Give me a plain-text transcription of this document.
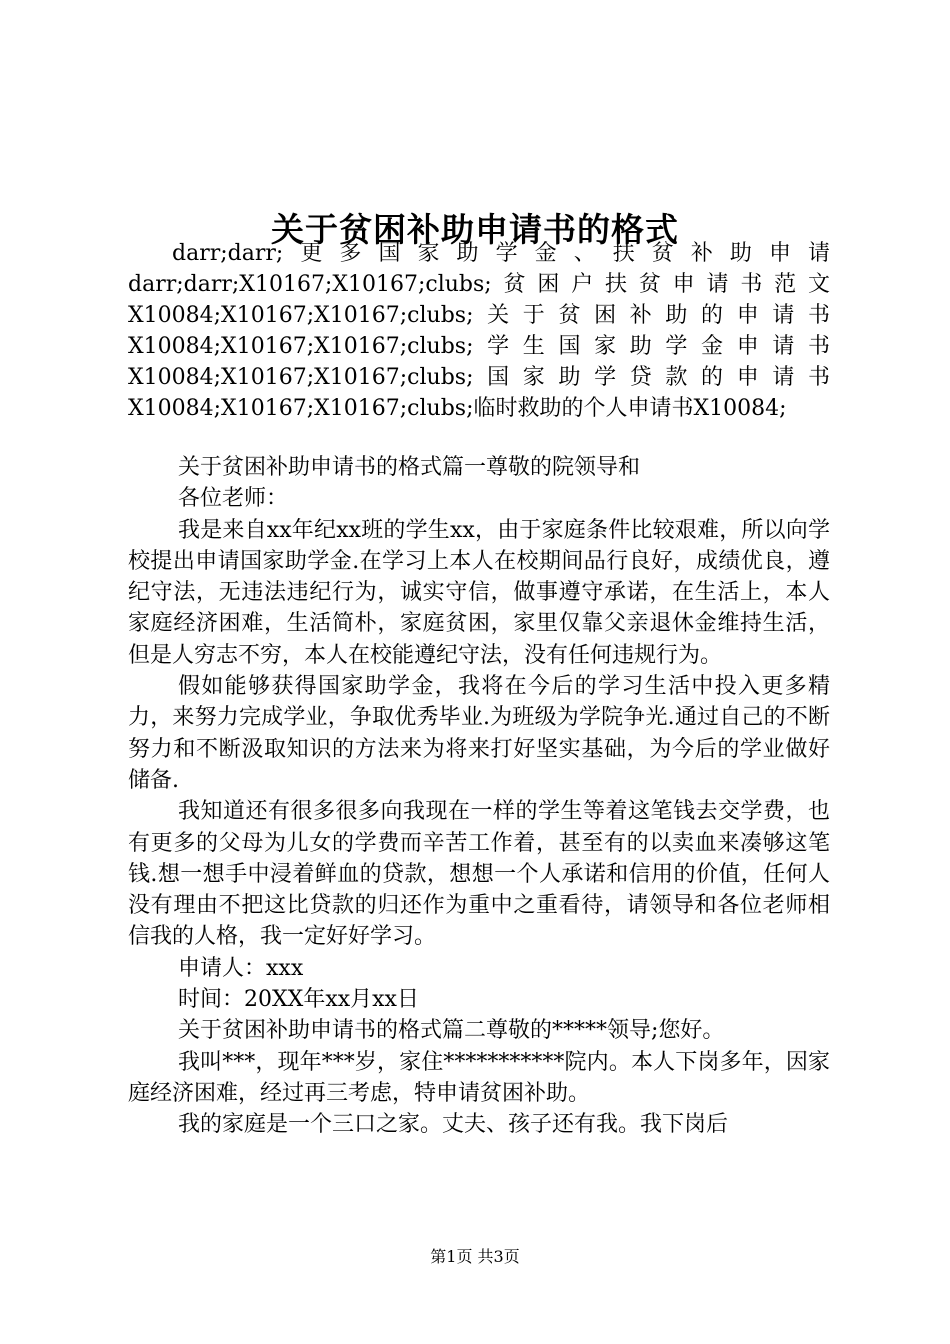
关于贫困补助申请书的格式
darr;darr;更多国家助学金、扶贫补助申请
darr;darr;X10167;X10167;clubs;贫困户扶贫申请书范文
X10084;X10167;X10167;clubs;关于贫困补助的申请书
X10084;X10167;X10167;clubs;学生国家助学金申请书
X10084;X10167;X10167;clubs;国家助学贷款的申请书
X10084;X10167;X10167;clubs;临时救助的个人申请书X10084;

关于贫困补助申请书的格式篇一尊敬的院领导和

各位老师：

我是来自xx年纪xx班的学生xx，由于家庭条件比较艰难，所以向学校提出申请国家助学金.在学习上本人在校期间品行良好，成绩优良，遵纪守法，无违法违纪行为，诚实守信，做事遵守承诺，在生活上，本人家庭经济困难，生活简朴，家庭贫困，家里仅靠父亲退休金维持生活，但是人穷志不穷，本人在校能遵纪守法，没有任何违规行为。

假如能够获得国家助学金，我将在今后的学习生活中投入更多精力，来努力完成学业，争取优秀毕业.为班级为学院争光.通过自己的不断努力和不断汲取知识的方法来为将来打好坚实基础，为今后的学业做好储备.

我知道还有很多很多向我现在一样的学生等着这笔钱去交学费，也有更多的父母为儿女的学费而辛苦工作着，甚至有的以卖血来凑够这笔钱.想一想手中浸着鲜血的贷款，想想一个人承诺和信用的价值，任何人没有理由不把这比贷款的归还作为重中之重看待，请领导和各位老师相信我的人格，我一定好好学习。

申请人：xxx

时间：20XX年xx月xx日

关于贫困补助申请书的格式篇二尊敬的*****领导;您好。

我叫***，现年***岁，家住***********院内。本人下岗多年，因家庭经济困难，经过再三考虑，特申请贫困补助。

我的家庭是一个三口之家。丈夫、孩子还有我。我下岗后

第1页 共3页
